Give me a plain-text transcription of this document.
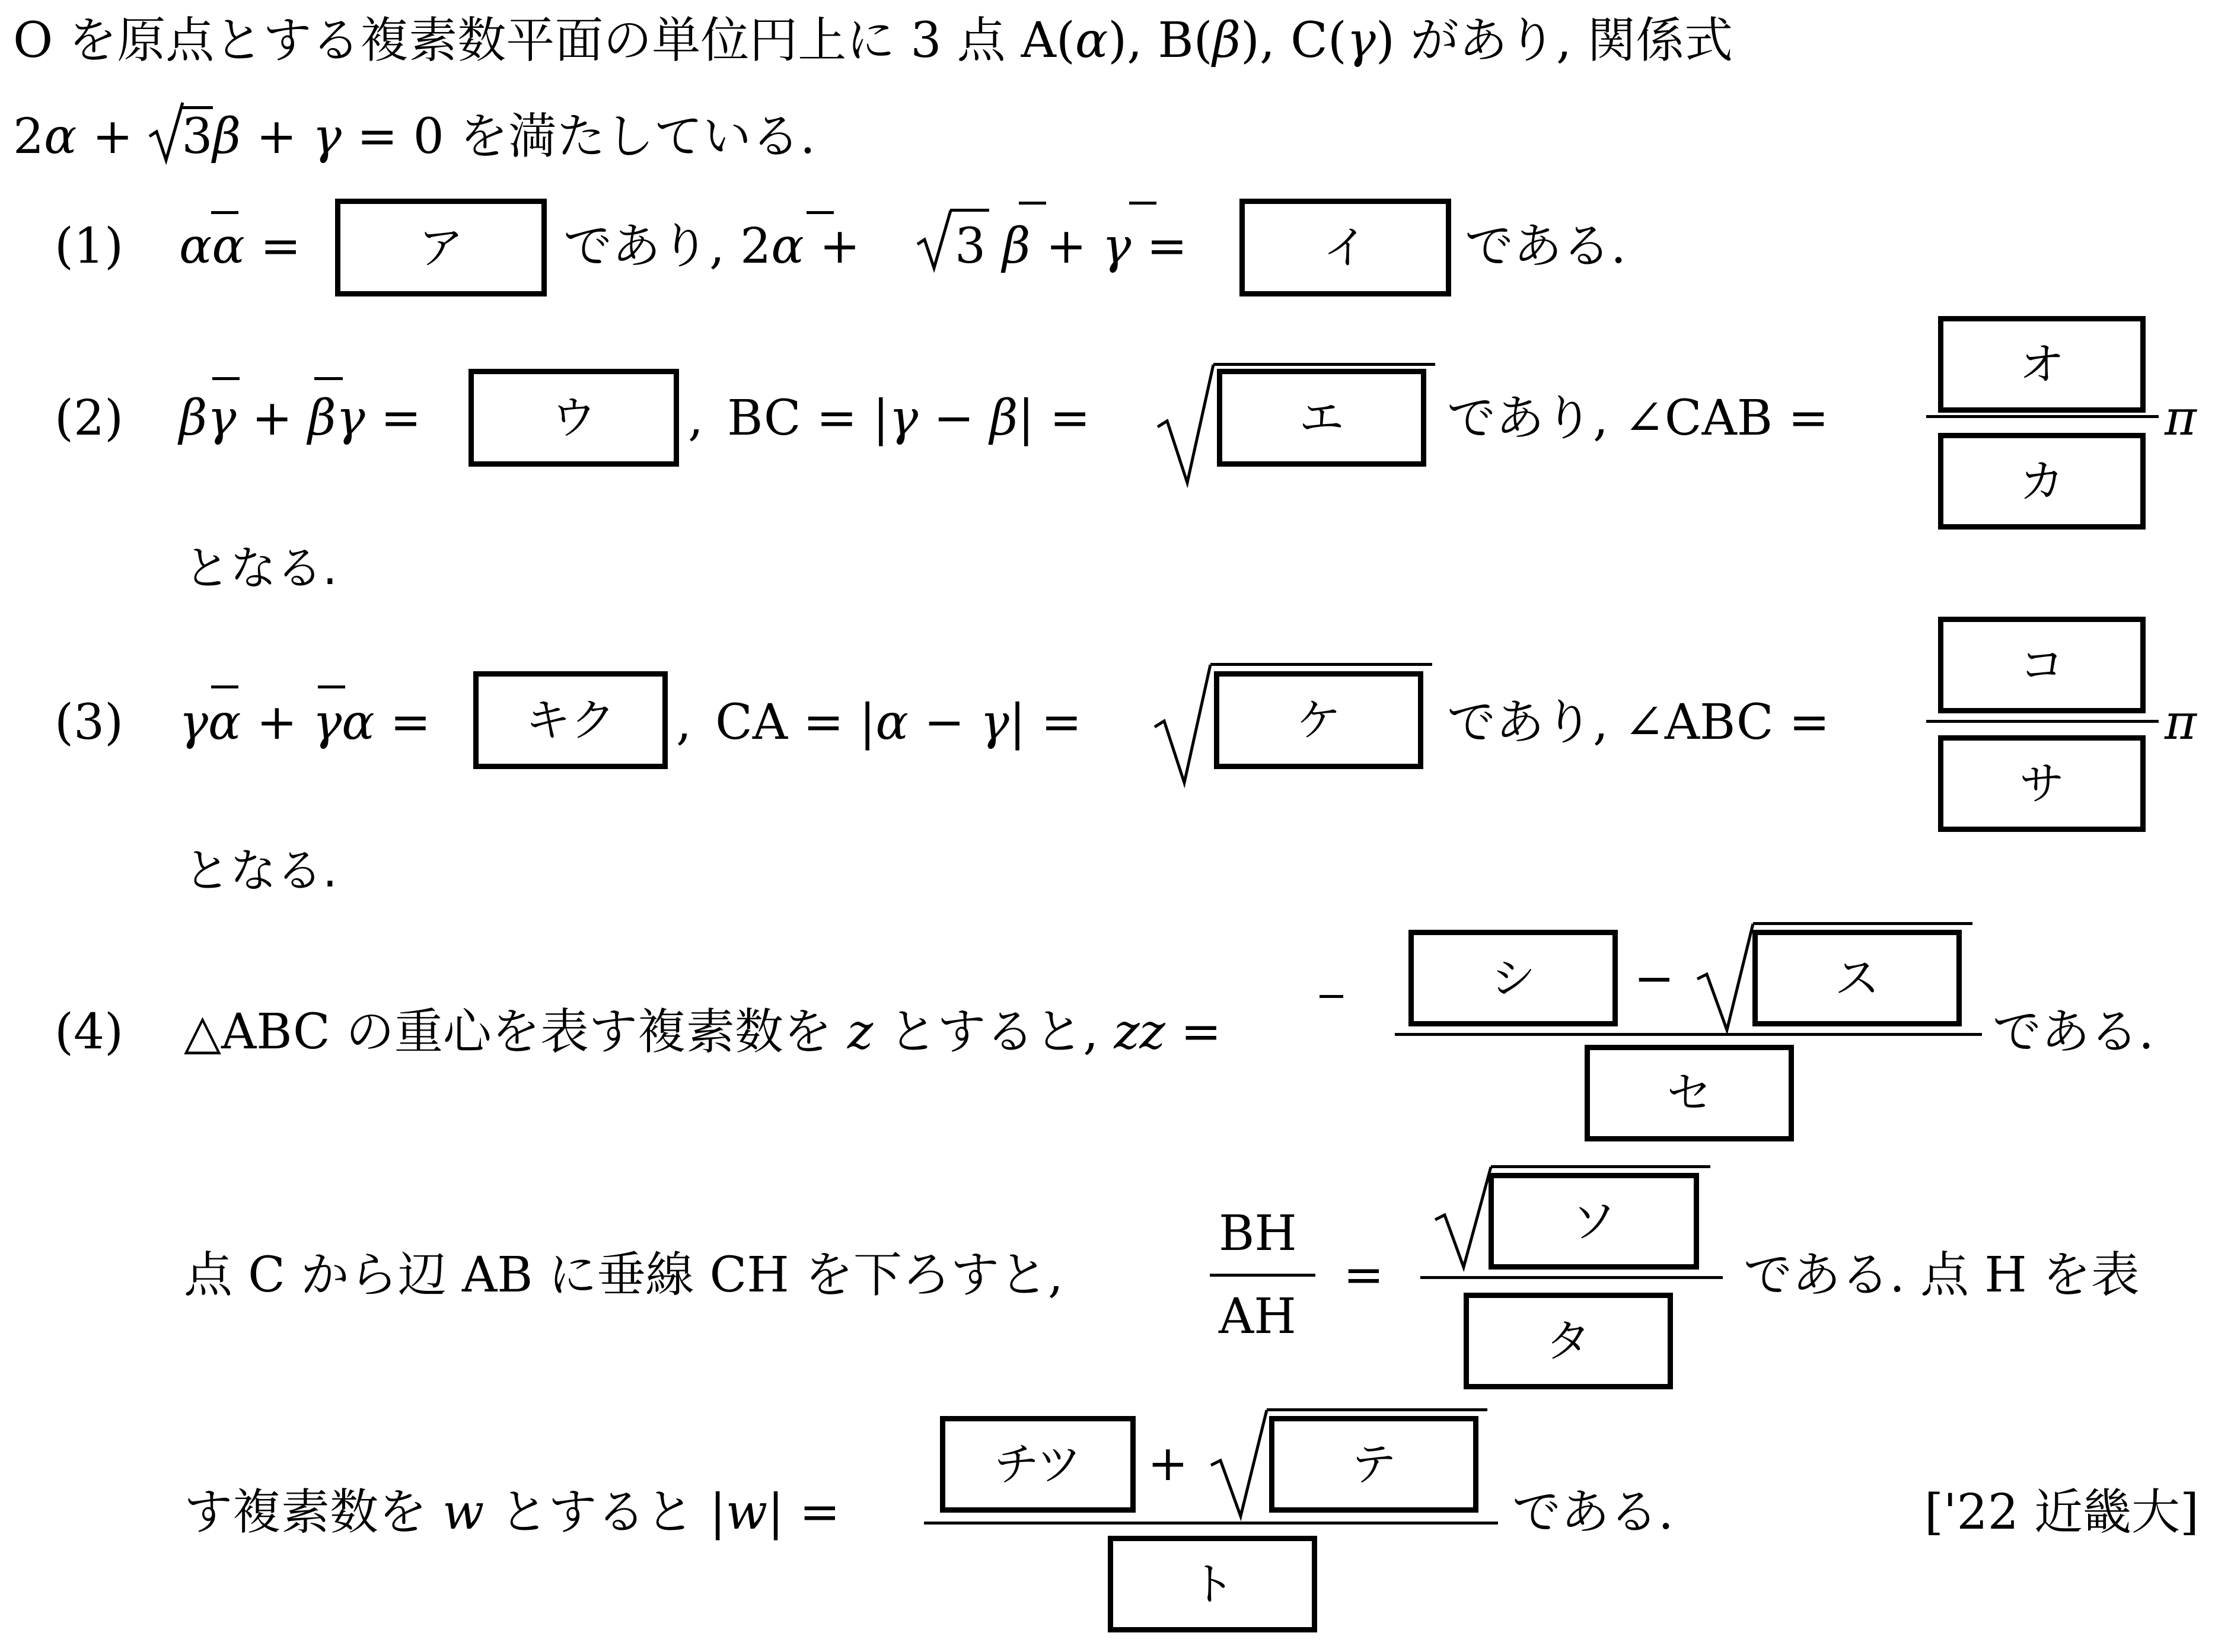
O を原点とする複素数平面の単位円上に 3 点 A(α), B(β), C(γ) があり, 関係式
2α +
3β + γ = 0 を満たしている.
(1) αα =	ア	であり, 2α + 3 β + γ =	イ	である.
(2) βγ + βγ =	ウ	, BC = |γ − β| =	エ	であり, ∠CAB =
オ
カ
π
となる.
(3) γα + γα =	キク	, CA = |α − γ| =	ケ	であり, ∠ABC =
コ
サ
π
となる.
(4) △ABC の重心を表す複素数を z とすると, zz =
シ	−	ス
セ
である.
点 C から辺 AB に垂線 CH を下ろすと,
BH
AH
=
ソ
タ
である. 点 H を表
す複素数を w とすると |w| =
チツ	+	テ
ト
である.	['22 近畿大]
